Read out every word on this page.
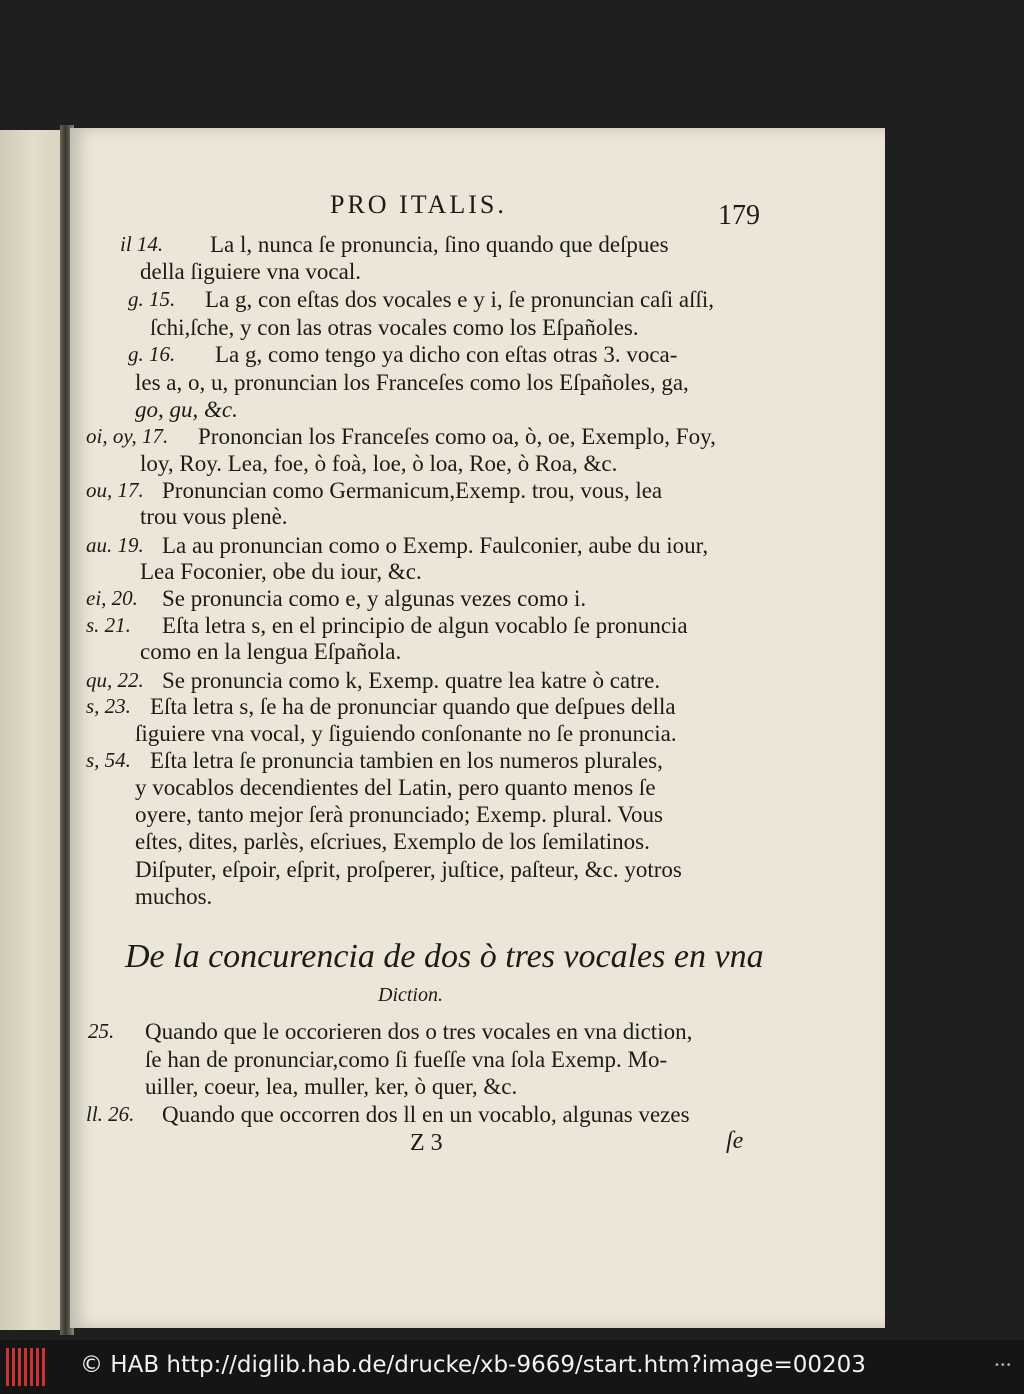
PRO ITALIS.	179
il 14. La l, nunca ſe pronuncia, ſino quando que deſpues
della ſiguiere vna vocal.
g. 15. La g, con eſtas dos vocales e y i, ſe pronuncian caſi aſſi,
ſchi,ſche, y con las otras vocales como los Eſpañoles.
g. 16. La g, como tengo ya dicho con eſtas otras 3. voca-
les a, o, u, pronuncian los Franceſes como los Eſpañoles, ga,
go, gu, &c.
oi, oy, 17. Prononcian los Franceſes como oa, ò, oe, Exemplo, Foy,
loy, Roy. Lea, foe, ò foà, loe, ò loa, Roe, ò Roa, &c.
ou, 17. Pronuncian como Germanicum,Exemp. trou, vous, lea
trou vous plenè.
au. 19. La au pronuncian como o Exemp. Faulconier, aube du iour,
Lea Foconier, obe du iour, &c.
ei, 20. Se pronuncia como e, y algunas vezes como i.
s. 21. Eſta letra s, en el principio de algun vocablo ſe pronuncia
como en la lengua Eſpañola.
qu, 22. Se pronuncia como k, Exemp. quatre lea katre ò catre.
s, 23. Eſta letra s, ſe ha de pronunciar quando que deſpues della
ſiguiere vna vocal, y ſiguiendo conſonante no ſe pronuncia.
s, 54. Eſta letra ſe pronuncia tambien en los numeros plurales,
y vocablos decendientes del Latin, pero quanto menos ſe
oyere, tanto mejor ſerà pronunciado; Exemp. plural. Vous
eſtes, dites, parlès, eſcriues, Exemplo de los ſemilatinos.
Diſputer, eſpoir, eſprit, proſperer, juſtice, paſteur, &c. yotros
muchos.
De la concurencia de dos ò tres vocales en vna
Diction.
25. Quando que le occorieren dos o tres vocales en vna diction,
ſe han de pronunciar,como ſi fueſſe vna ſola Exemp. Mo-
uiller, coeur, lea, muller, ker, ò quer, &c.
ll. 26. Quando que occorren dos ll en un vocablo, algunas vezes
Z 3	ſe
© HAB http://diglib.hab.de/drucke/xb-9669/start.htm?image=00203	•••
